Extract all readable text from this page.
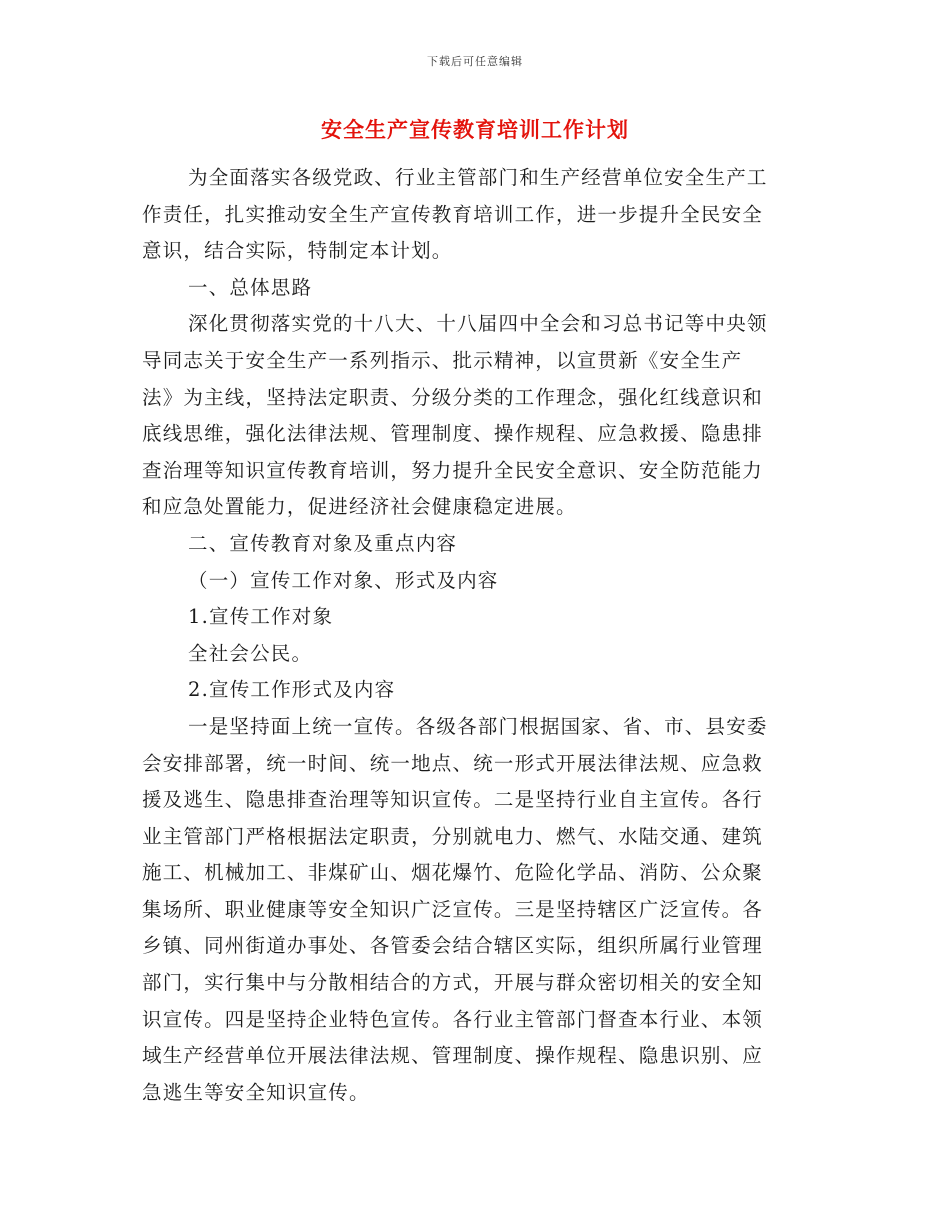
下载后可任意编辑
安全生产宣传教育培训工作计划
为全面落实各级党政、行业主管部门和生产经营单位安全生产工
作责任，扎实推动安全生产宣传教育培训工作，进一步提升全民安全
意识，结合实际，特制定本计划。
一、总体思路
深化贯彻落实党的十八大、十八届四中全会和习总书记等中央领
导同志关于安全生产一系列指示、批示精神，以宣贯新《安全生产
法》为主线，坚持法定职责、分级分类的工作理念，强化红线意识和
底线思维，强化法律法规、管理制度、操作规程、应急救援、隐患排
查治理等知识宣传教育培训，努力提升全民安全意识、安全防范能力
和应急处置能力，促进经济社会健康稳定进展。
二、宣传教育对象及重点内容
（一）宣传工作对象、形式及内容
1.宣传工作对象
全社会公民。
2.宣传工作形式及内容
一是坚持面上统一宣传。各级各部门根据国家、省、市、县安委
会安排部署，统一时间、统一地点、统一形式开展法律法规、应急救
援及逃生、隐患排查治理等知识宣传。二是坚持行业自主宣传。各行
业主管部门严格根据法定职责，分别就电力、燃气、水陆交通、建筑
施工、机械加工、非煤矿山、烟花爆竹、危险化学品、消防、公众聚
集场所、职业健康等安全知识广泛宣传。三是坚持辖区广泛宣传。各
乡镇、同州街道办事处、各管委会结合辖区实际，组织所属行业管理
部门，实行集中与分散相结合的方式，开展与群众密切相关的安全知
识宣传。四是坚持企业特色宣传。各行业主管部门督查本行业、本领
域生产经营单位开展法律法规、管理制度、操作规程、隐患识别、应
急逃生等安全知识宣传。
